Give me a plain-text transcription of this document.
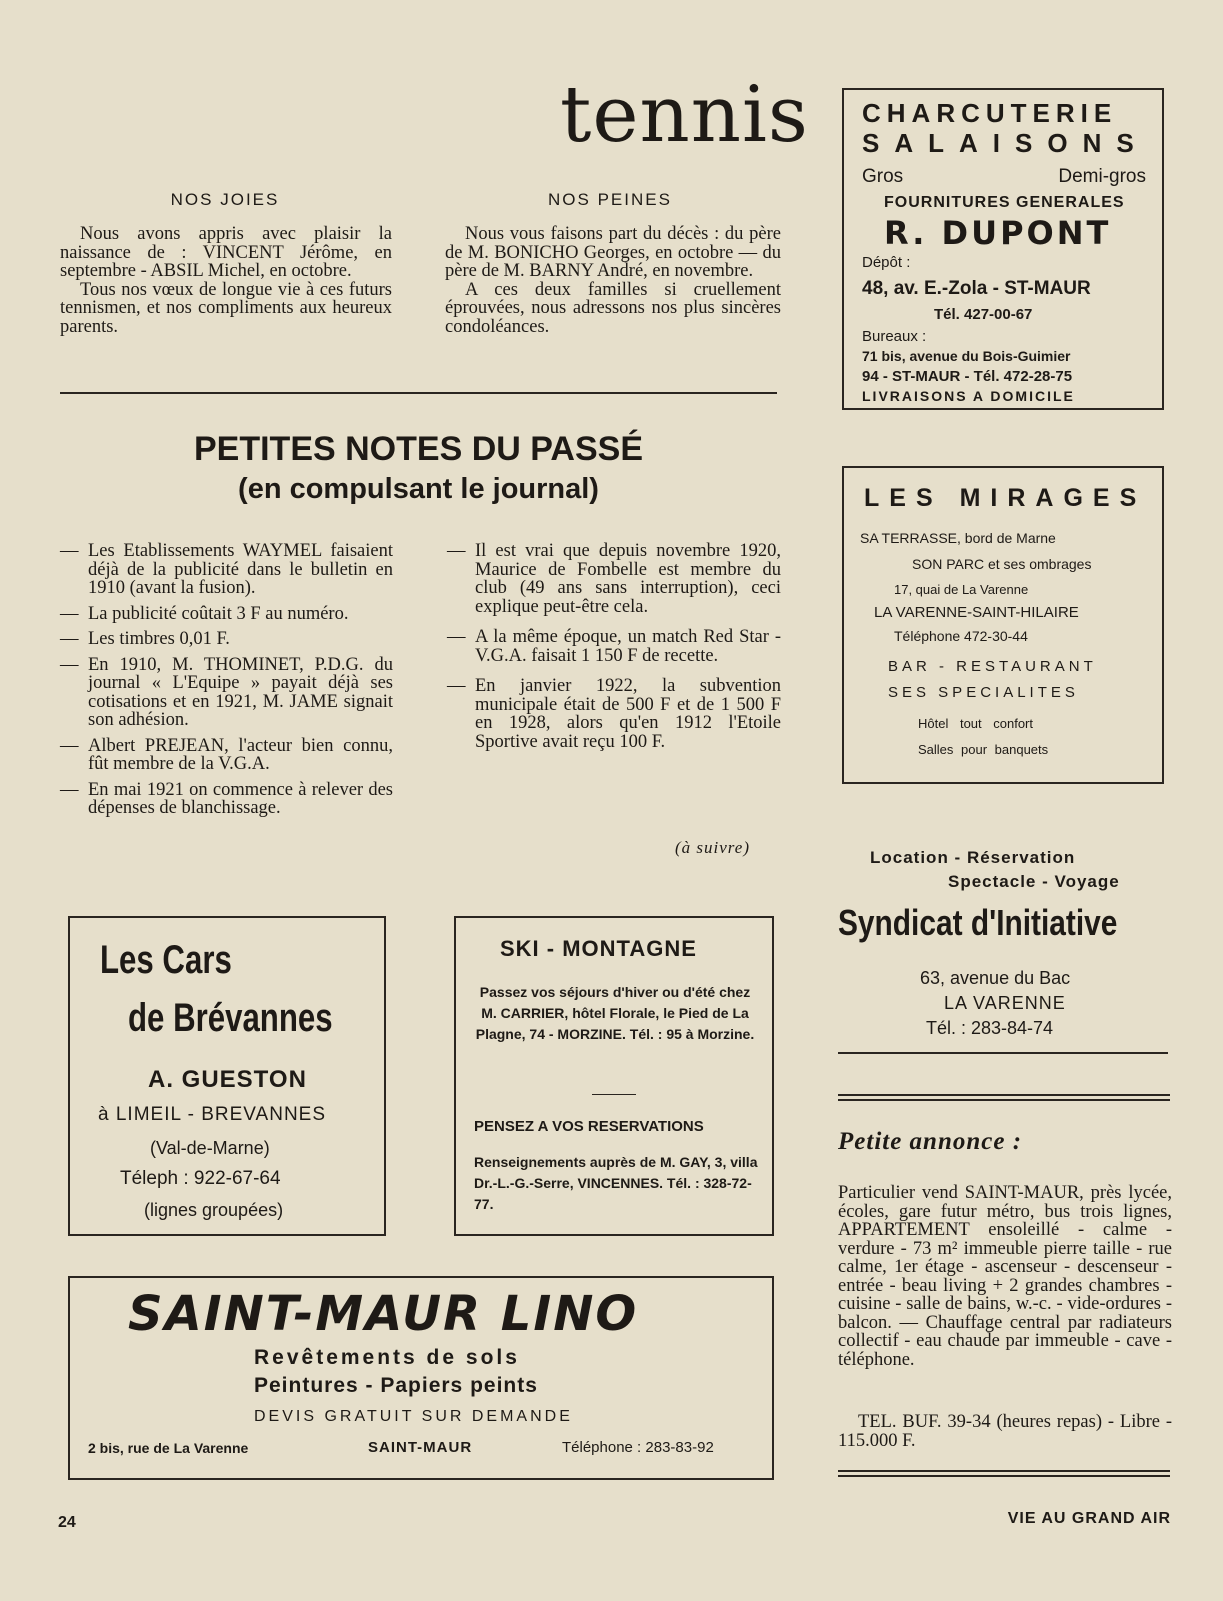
tennis
NOS JOIES

Nous avons appris avec plaisir la naissance de : VINCENT Jérôme, en septembre - ABSIL Michel, en octobre.

Tous nos vœux de longue vie à ces futurs tennismen, et nos compliments aux heureux parents.

NOS PEINES

Nous vous faisons part du décès : du père de M. BONICHO Georges, en octobre — du père de M. BARNY André, en novembre.

A ces deux familles si cruellement éprouvées, nous adressons nos plus sincères condoléances.

PETITES NOTES DU PASSÉ
(en compulsant le journal)
— Les Etablissements WAYMEL faisaient déjà de la publicité dans le bulletin en 1910 (avant la fusion).
— La publicité coûtait 3 F au numéro.
— Les timbres 0,01 F.
— En 1910, M. THOMINET, P.D.G. du journal « L'Equipe » payait déjà ses cotisations et en 1921, M. JAME signait son adhésion.
— Albert PREJEAN, l'acteur bien connu, fût membre de la V.G.A.
— En mai 1921 on commence à relever des dépenses de blanchissage.
— Il est vrai que depuis novembre 1920, Maurice de Fombelle est membre du club (49 ans sans interruption), ceci explique peut-être cela.
— A la même époque, un match Red Star - V.G.A. faisait 1 150 F de recette.
— En janvier 1922, la subvention municipale était de 500 F et de 1 500 F en 1928, alors qu'en 1912 l'Etoile Sportive avait reçu 100 F.
(à suivre)
CHARCUTERIE
SALAISONS
Gros	Demi-gros
FOURNITURES GENERALES
R. DUPONT
Dépôt :
48, av. E.-Zola - ST-MAUR
Tél. 427-00-67
Bureaux :
71 bis, avenue du Bois-Guimier
94 - ST-MAUR - Tél. 472-28-75
LIVRAISONS A DOMICILE
LES MIRAGES
SA TERRASSE, bord de Marne
SON PARC et ses ombrages
17, quai de La Varenne
LA VARENNE-SAINT-HILAIRE
Téléphone 472-30-44
BAR - RESTAURANT
SES SPECIALITES
Hôtel tout confort
Salles pour banquets
Location - Réservation
Spectacle - Voyage
Syndicat d'Initiative
63, avenue du Bac
LA VARENNE
Tél. : 283-84-74
Les Cars
de Brévannes
A. GUESTON
à LIMEIL - BREVANNES
(Val-de-Marne)
Téleph : 922-67-64
(lignes groupées)
SKI - MONTAGNE
Passez vos séjours d'hiver ou d'été chez M. CARRIER, hôtel Florale, le Pied de La Plagne, 74 - MORZINE. Tél. : 95 à Morzine.
PENSEZ A VOS RESERVATIONS
Renseignements auprès de M. GAY, 3, villa Dr.-L.-G.-Serre, VINCENNES. Tél. : 328-72-77.
SAINT-MAUR LINO
Revêtements de sols
Peintures - Papiers peints
DEVIS GRATUIT SUR DEMANDE
2 bis, rue de La Varenne	SAINT-MAUR	Téléphone : 283-83-92
Petite annonce :
Particulier vend SAINT-MAUR, près lycée, écoles, gare futur métro, bus trois lignes, APPARTEMENT ensoleillé - calme - verdure - 73 m² immeuble pierre taille - rue calme, 1er étage - ascenseur - descenseur - entrée - beau living + 2 grandes chambres - cuisine - salle de bains, w.-c. - vide-ordures - balcon. — Chauffage central par radiateurs collectif - eau chaude par immeuble - cave - téléphone.
TEL. BUF. 39-34 (heures repas) - Libre - 115.000 F.
24	VIE AU GRAND AIR
